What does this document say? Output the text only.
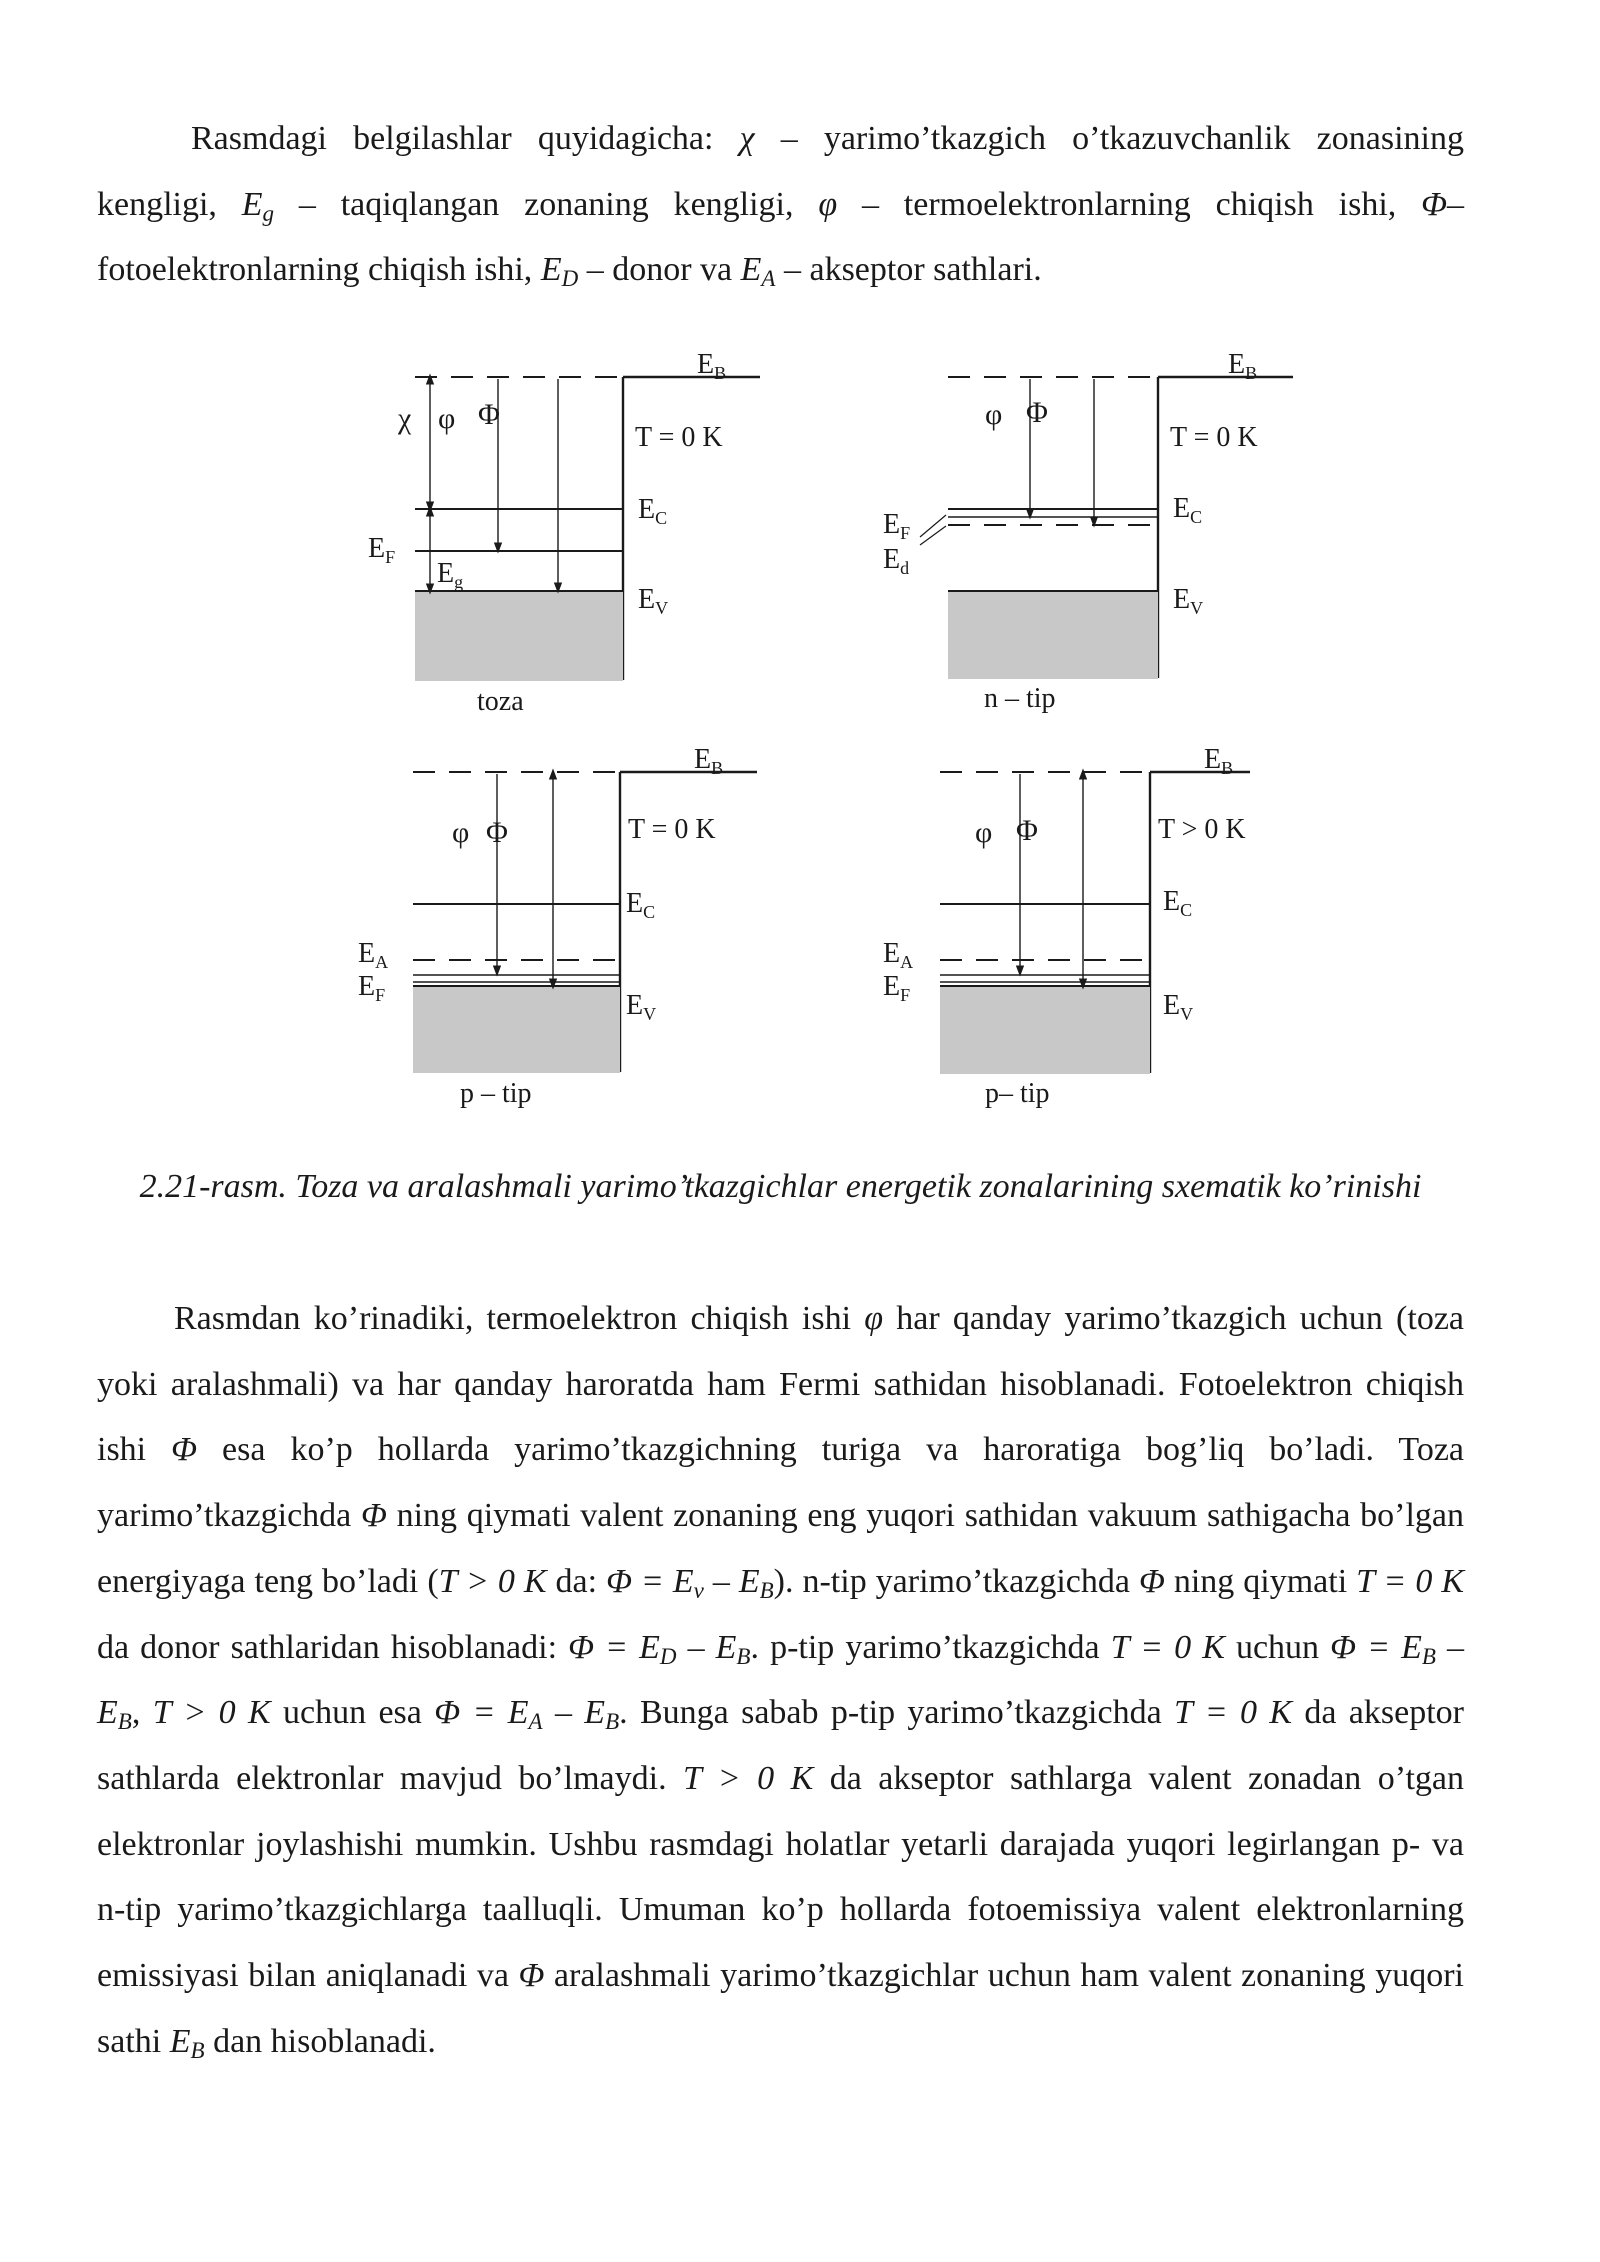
Rasmdagi belgilashlar quyidagicha: χ – yarimo’tkazgich o’tkazuvchanlik zonasining kengligi, $E_g$ – taqiqlangan zonaning kengligi, φ – termoelektronlarning chiqish ishi, Φ–fotoelektronlarning chiqish ishi, $E_D$ – donor va $E_A$ – akseptor sathlari.

χ φ Φ
$E_B$
T = 0 K
$E_C$
$E_F$
$E_g$
$E_V$
toza
φ Φ
$E_B$
T = 0 K
$E_C$
$E_F$
$E_d$
$E_V$
n – tip
φ Φ
$E_B$
T = 0 K
$E_C$
$E_A$
$E_F$	$E_V$
p – tip
φ Φ
$E_B$
T > 0 K
$E_C$
$E_A$
$E_F$	$E_V$
p– tip

2.21-rasm. Toza va aralashmali yarimo’tkazgichlar energetik zonalarining sxematik ko’rinishi

Rasmdan ko’rinadiki, termoelektron chiqish ishi φ har qanday yarimo’tkazgich uchun (toza yoki aralashmali) va har qanday haroratda ham Fermi sathidan hisoblanadi. Fotoelektron chiqish ishi Φ esa ko’p hollarda yarimo’tkazgichning turiga va haroratiga bog’liq bo’ladi. Toza yarimo’tkazgichda Φ ning qiymati valent zonaning eng yuqori sathidan vakuum sathigacha bo’lgan energiyaga teng bo’ladi (T > 0 K da: $\Phi = E_v - E_B$). n-tip yarimo’tkazgichda Φ ning qiymati T = 0 K da donor sathlaridan hisoblanadi: $\Phi = E_D - E_B$. p-tip yarimo’tkazgichda T = 0 K uchun $\Phi = E_B - E_B$, T > 0 K uchun esa $\Phi = E_A - E_B$. Bunga sabab p-tip yarimo’tkazgichda T = 0 K da akseptor sathlarda elektronlar mavjud bo’lmaydi. T > 0 K da akseptor sathlarga valent zonadan o’tgan elektronlar joylashishi mumkin. Ushbu rasmdagi holatlar yetarli darajada yuqori legirlangan p- va n-tip yarimo’tkazgichlarga taalluqli. Umuman ko’p hollarda fotoemissiya valent elektronlarning emissiyasi bilan aniqlanadi va Φ aralashmali yarimo’tkazgichlar uchun ham valent zonaning yuqori sathi $E_B$ dan hisoblanadi.
